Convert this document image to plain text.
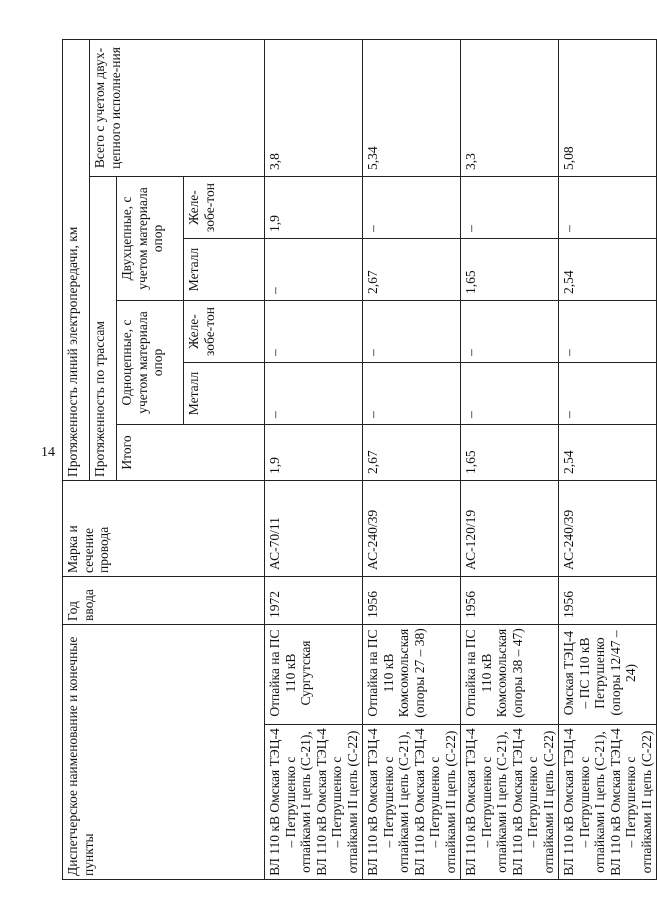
14
Диспетчерское наименование и конечные пункты		Год ввода	Марка и сечение провода	Протяженность линий электропередачи, км					
				Протяженность по трассам					Всего с учетом двух-цепного исполне-ния
				Итого	Одноцепные, с учетом материала опор		Двухцепные, с учетом материала опор		
					Металл	Желе-зобе-тон	Металл	Желе-зобе-тон	
ВЛ 110 кВ Омская ТЭЦ-4 – Петрушенко с отпайками I цепь (С-21), ВЛ 110 кВ Омская ТЭЦ-4 – Петрушенко с отпайками II цепь (С-22)	Отпайка на ПС 110 кВ Сургутская	1972	АС-70/11	1,9	–	–	–	1,9	3,8
ВЛ 110 кВ Омская ТЭЦ-4 – Петрушенко с отпайками I цепь (С-21), ВЛ 110 кВ Омская ТЭЦ-4 – Петрушенко с отпайками II цепь (С-22)	Отпайка на ПС 110 кВ Комсомольская (опоры 27 – 38)	1956	АС-240/39	2,67	–	–	2,67	–	5,34
ВЛ 110 кВ Омская ТЭЦ-4 – Петрушенко с отпайками I цепь (С-21), ВЛ 110 кВ Омская ТЭЦ-4 – Петрушенко с отпайками II цепь (С-22)	Отпайка на ПС 110 кВ Комсомольская (опоры 38 – 47)	1956	АС-120/19	1,65	–	–	1,65	–	3,3
ВЛ 110 кВ Омская ТЭЦ-4 – Петрушенко с отпайками I цепь (С-21), ВЛ 110 кВ Омская ТЭЦ-4 – Петрушенко с отпайками II цепь (С-22)	Омская ТЭЦ-4 – ПС 110 кВ Петрушенко (опоры 12/47 – 24)	1956	АС-240/39	2,54	–	–	2,54	–	5,08
